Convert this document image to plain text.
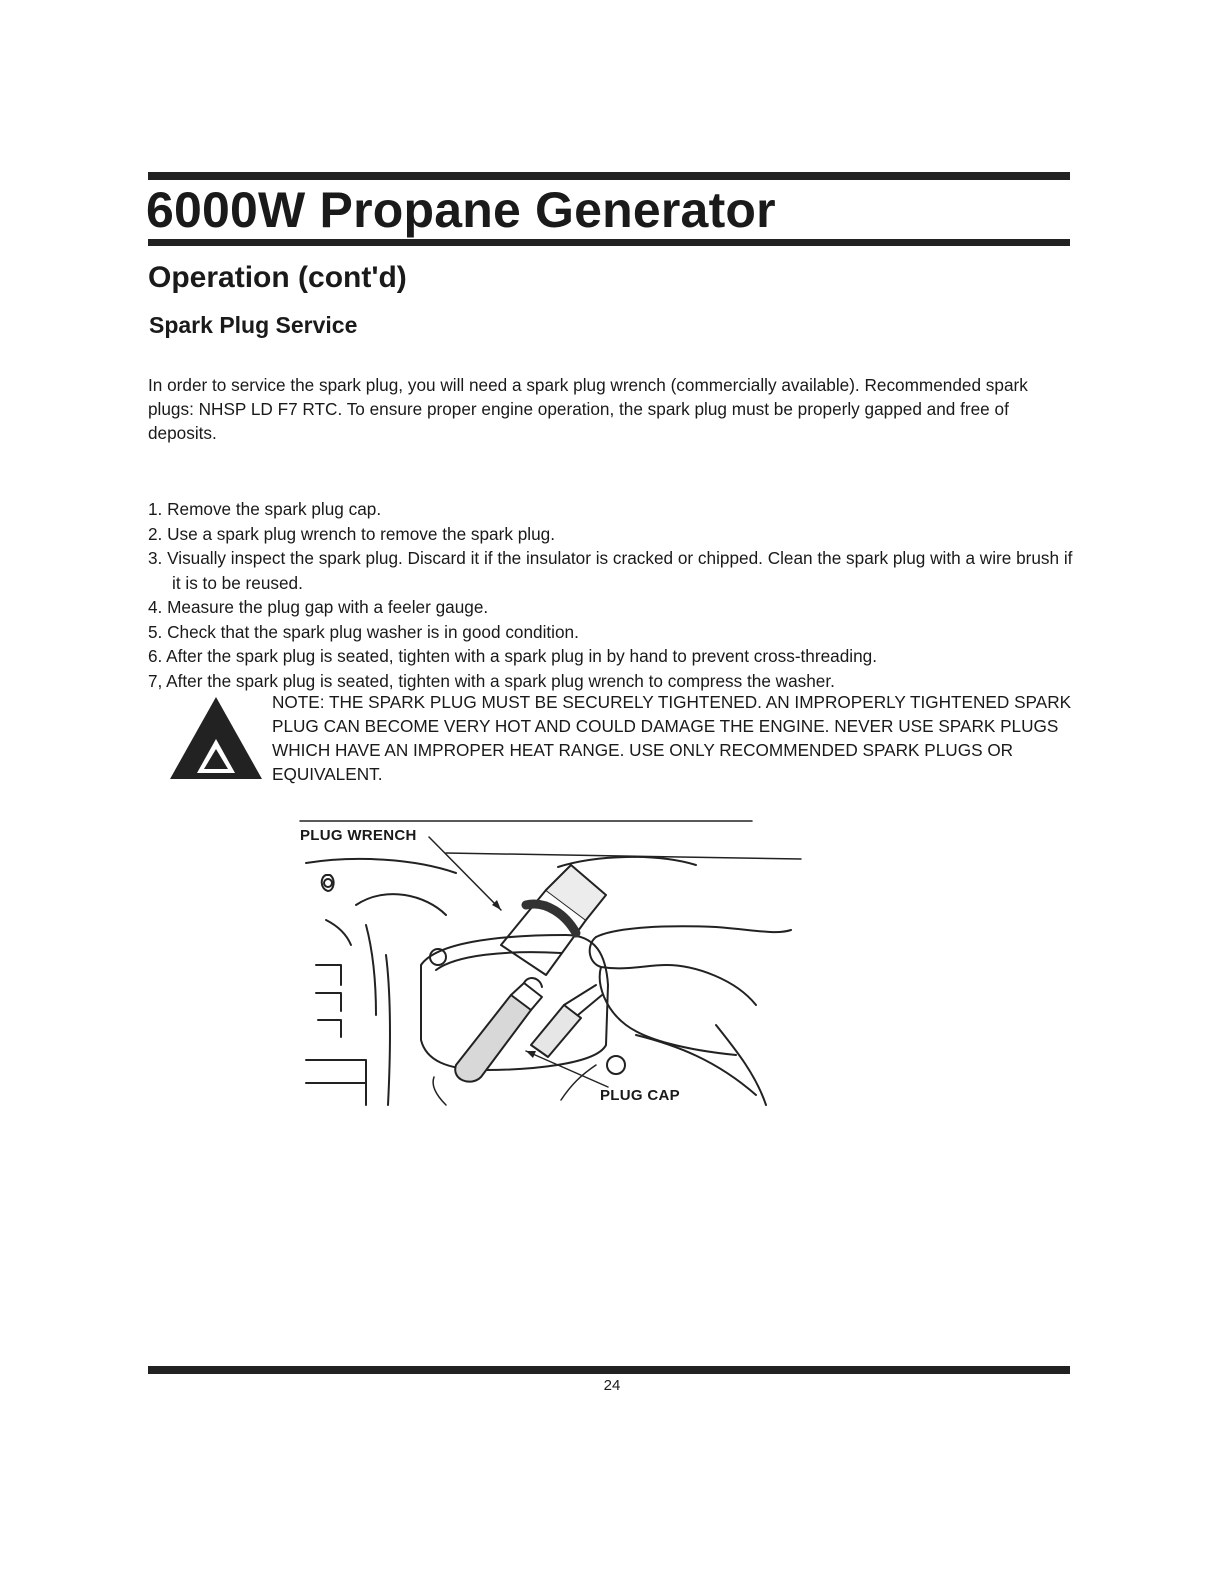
6000W Propane Generator
Operation (cont'd)
Spark Plug Service

In order to service the spark plug, you will need a spark plug wrench (commercially available). Recommended spark plugs: NHSP LD F7 RTC. To ensure proper engine operation, the spark plug must be properly gapped and free of deposits.

1. Remove the spark plug cap.
2. Use a spark plug wrench to remove the spark plug.
3. Visually inspect the spark plug. Discard it if the insulator is cracked or chipped. Clean the spark plug with a wire brush if it is to be reused.
4. Measure the plug gap with a feeler gauge.
5. Check that the spark plug washer is in good condition.
6. After the spark plug is seated, tighten with a spark plug in by hand to prevent cross-threading.
7, After the spark plug is seated, tighten with a spark plug wrench to compress the washer.

NOTE: THE SPARK PLUG MUST BE SECURELY TIGHTENED. AN IMPROPERLY TIGHTENED SPARK PLUG CAN BECOME VERY HOT AND COULD DAMAGE THE ENGINE. NEVER USE SPARK PLUGS WHICH HAVE AN IMPROPER HEAT RANGE. USE ONLY RECOMMENDED SPARK PLUGS OR EQUIVALENT.

PLUG WRENCH
PLUG CAP
24
